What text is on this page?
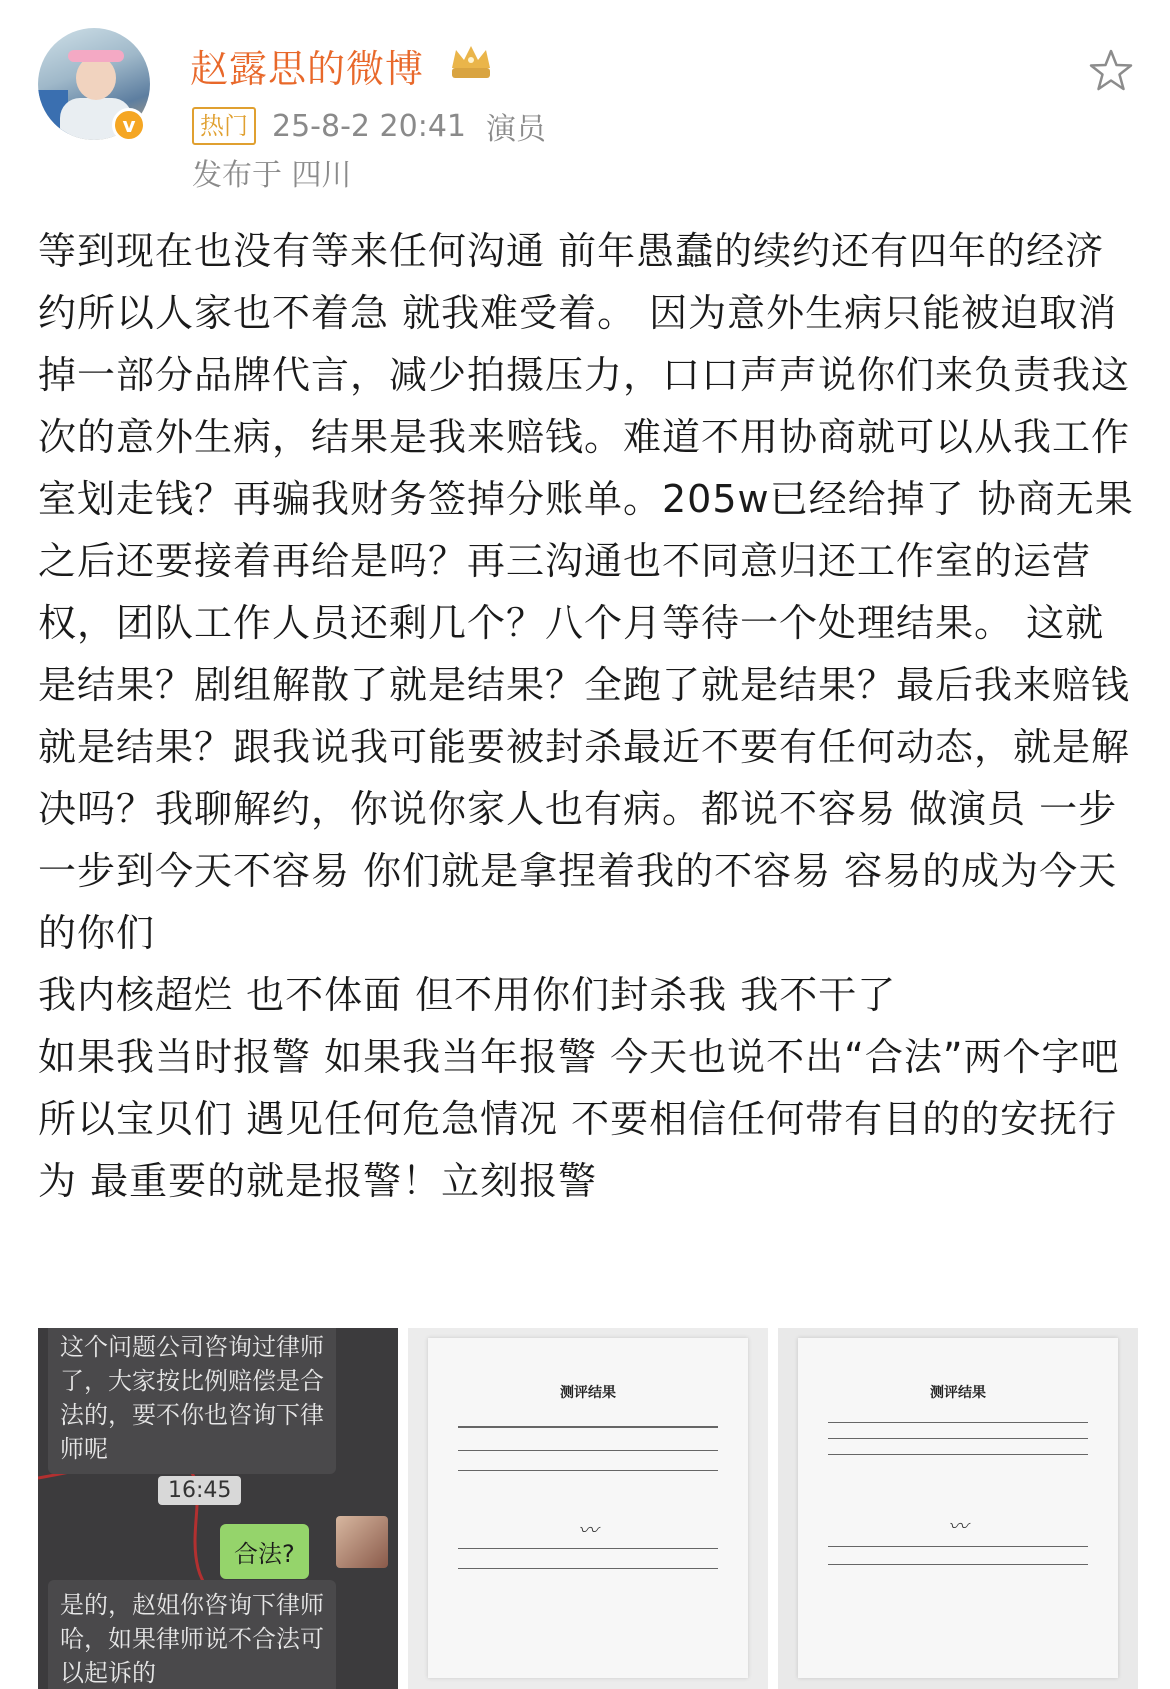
v
赵露思的微博
热门 25-8-2 20:41 演员
发布于 四川
等到现在也没有等来任何沟通 前年愚蠢的续约还有四年的经济约所以人家也不着急 就我难受着。 因为意外生病只能被迫取消掉一部分品牌代言，减少拍摄压力，口口声声说你们来负责我这次的意外生病，结果是我来赔钱。难道不用协商就可以从我工作室划走钱？再骗我财务签掉分账单。205w已经给掉了 协商无果 之后还要接着再给是吗？再三沟通也不同意归还工作室的运营权，团队工作人员还剩几个？八个月等待一个处理结果。 这就是结果？剧组解散了就是结果？全跑了就是结果？最后我来赔钱就是结果？跟我说我可能要被封杀最近不要有任何动态，就是解决吗？我聊解约，你说你家人也有病。都说不容易 做演员 一步一步到今天不容易 你们就是拿捏着我的不容易 容易的成为今天的你们
我内核超烂 也不体面 但不用你们封杀我 我不干了
如果我当时报警 如果我当年报警 今天也说不出“合法”两个字吧 所以宝贝们 遇见任何危急情况 不要相信任何带有目的的安抚行为 最重要的就是报警！立刻报警
这个问题公司咨询过律师
了，大家按比例赔偿是合
法的，要不你也咨询下律
师呢
16:45
合法?
是的，赵姐你咨询下律师
哈，如果律师说不合法可
以起诉的
测评结果
〰
测评结果
〰
